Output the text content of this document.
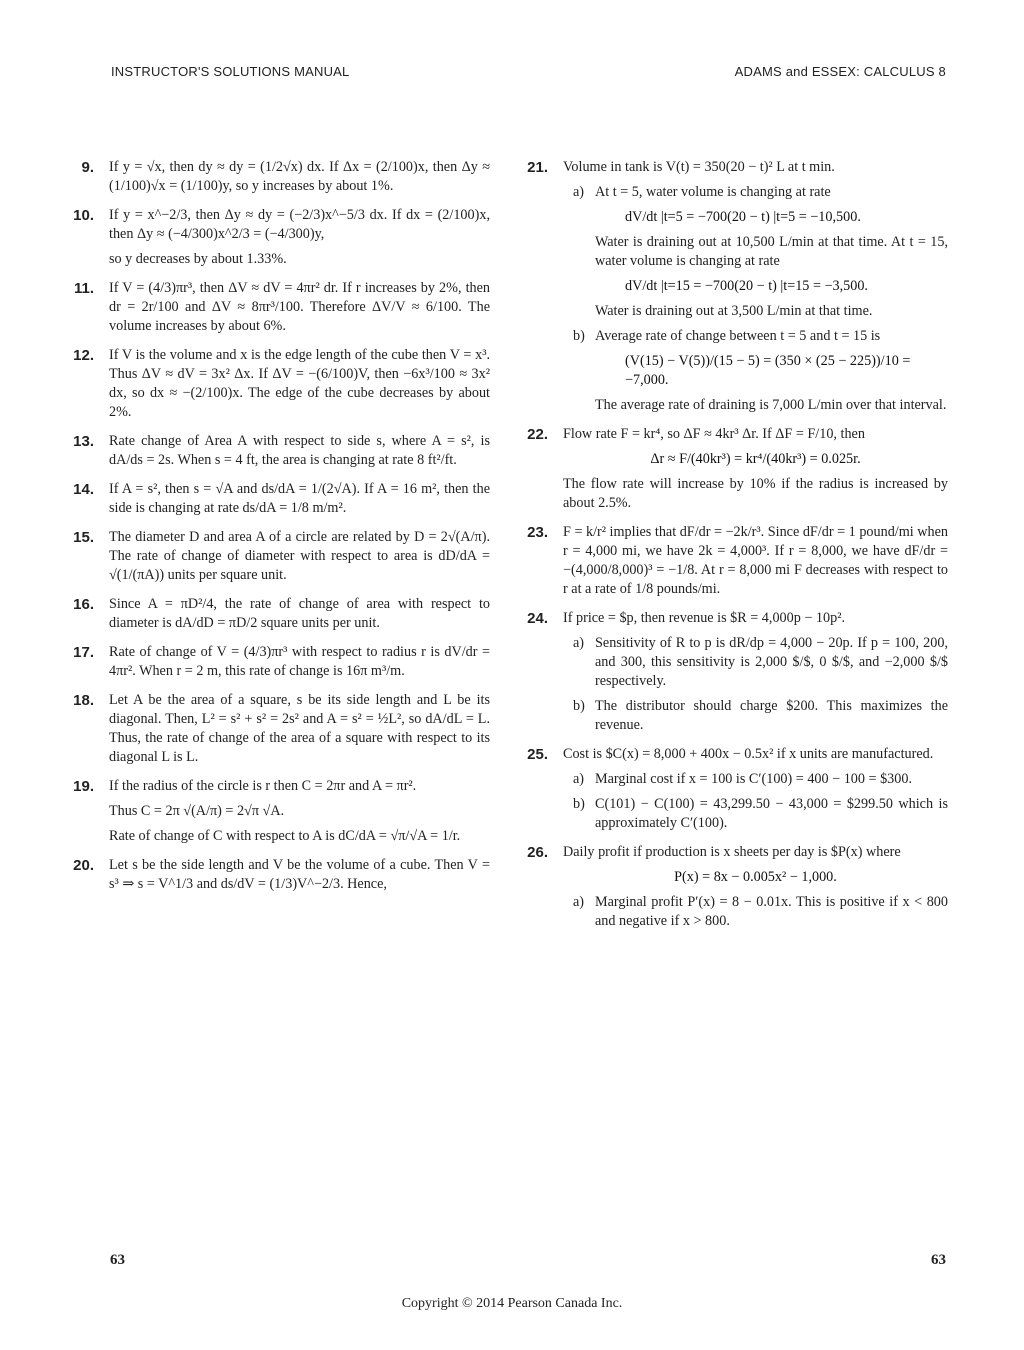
INSTRUCTOR'S SOLUTIONS MANUAL	ADAMS and ESSEX: CALCULUS 8
9. If y = √x, then dy ≈ dy = (1/2√x) dx. If Δx = (2/100)x, then Δy ≈ (1/100)√x = (1/100)y, so y increases by about 1%.

10. If y = x^−2/3, then Δy ≈ dy = (−2/3)x^−5/3 dx. If dx = (2/100)x, then Δy ≈ (−4/300)x^2/3 = (−4/300)y,

so y decreases by about 1.33%.

11. If V = (4/3)πr³, then ΔV ≈ dV = 4πr² dr. If r increases by 2%, then dr = 2r/100 and ΔV ≈ 8πr³/100. Therefore ΔV/V ≈ 6/100. The volume increases by about 6%.

12. If V is the volume and x is the edge length of the cube then V = x³. Thus ΔV ≈ dV = 3x² Δx. If ΔV = −(6/100)V, then −6x³/100 ≈ 3x² dx, so dx ≈ −(2/100)x. The edge of the cube decreases by about 2%.

13. Rate change of Area A with respect to side s, where A = s², is dA/ds = 2s. When s = 4 ft, the area is changing at rate 8 ft²/ft.

14. If A = s², then s = √A and ds/dA = 1/(2√A). If A = 16 m², then the side is changing at rate ds/dA = 1/8 m/m².

15. The diameter D and area A of a circle are related by D = 2√(A/π). The rate of change of diameter with respect to area is dD/dA = √(1/(πA)) units per square unit.

16. Since A = πD²/4, the rate of change of area with respect to diameter is dA/dD = πD/2 square units per unit.

17. Rate of change of V = (4/3)πr³ with respect to radius r is dV/dr = 4πr². When r = 2 m, this rate of change is 16π m³/m.

18. Let A be the area of a square, s be its side length and L be its diagonal. Then, L² = s² + s² = 2s² and A = s² = ½L², so dA/dL = L. Thus, the rate of change of the area of a square with respect to its diagonal L is L.

19. If the radius of the circle is r then C = 2πr and A = πr².

Thus C = 2π √(A/π) = 2√π √A.

Rate of change of C with respect to A is dC/dA = √π/√A = 1/r.

20. Let s be the side length and V be the volume of a cube. Then V = s³ ⇒ s = V^1/3 and ds/dV = (1/3)V^−2/3. Hence,

21. Volume in tank is V(t) = 350(20 − t)² L at t min.

a) At t = 5, water volume is changing at rate

dV/dt |t=5 = −700(20 − t) |t=5 = −10,500.

Water is draining out at 10,500 L/min at that time. At t = 15, water volume is changing at rate

dV/dt |t=15 = −700(20 − t) |t=15 = −3,500.

Water is draining out at 3,500 L/min at that time.

b) Average rate of change between t = 5 and t = 15 is

(V(15) − V(5))/(15 − 5) = (350 × (25 − 225))/10 = −7,000.

The average rate of draining is 7,000 L/min over that interval.

22. Flow rate F = kr⁴, so ΔF ≈ 4kr³ Δr. If ΔF = F/10, then

Δr ≈ F/(40kr³) = kr⁴/(40kr³) = 0.025r.

The flow rate will increase by 10% if the radius is increased by about 2.5%.

23. F = k/r² implies that dF/dr = −2k/r³. Since dF/dr = 1 pound/mi when r = 4,000 mi, we have 2k = 4,000³. If r = 8,000, we have dF/dr = −(4,000/8,000)³ = −1/8. At r = 8,000 mi F decreases with respect to r at a rate of 1/8 pounds/mi.

24. If price = $p, then revenue is $R = 4,000p − 10p².

a) Sensitivity of R to p is dR/dp = 4,000 − 20p. If p = 100, 200, and 300, this sensitivity is 2,000 $/$, 0 $/$, and −2,000 $/$ respectively.

b) The distributor should charge $200. This maximizes the revenue.

25. Cost is $C(x) = 8,000 + 400x − 0.5x² if x units are manufactured.

a) Marginal cost if x = 100 is C′(100) = 400 − 100 = $300.

b) C(101) − C(100) = 43,299.50 − 43,000 = $299.50 which is approximately C′(100).

26. Daily profit if production is x sheets per day is $P(x) where

P(x) = 8x − 0.005x² − 1,000.
a) Marginal profit P′(x) = 8 − 0.01x. This is positive if x < 800 and negative if x > 800.

63	63
Copyright © 2014 Pearson Canada Inc.
